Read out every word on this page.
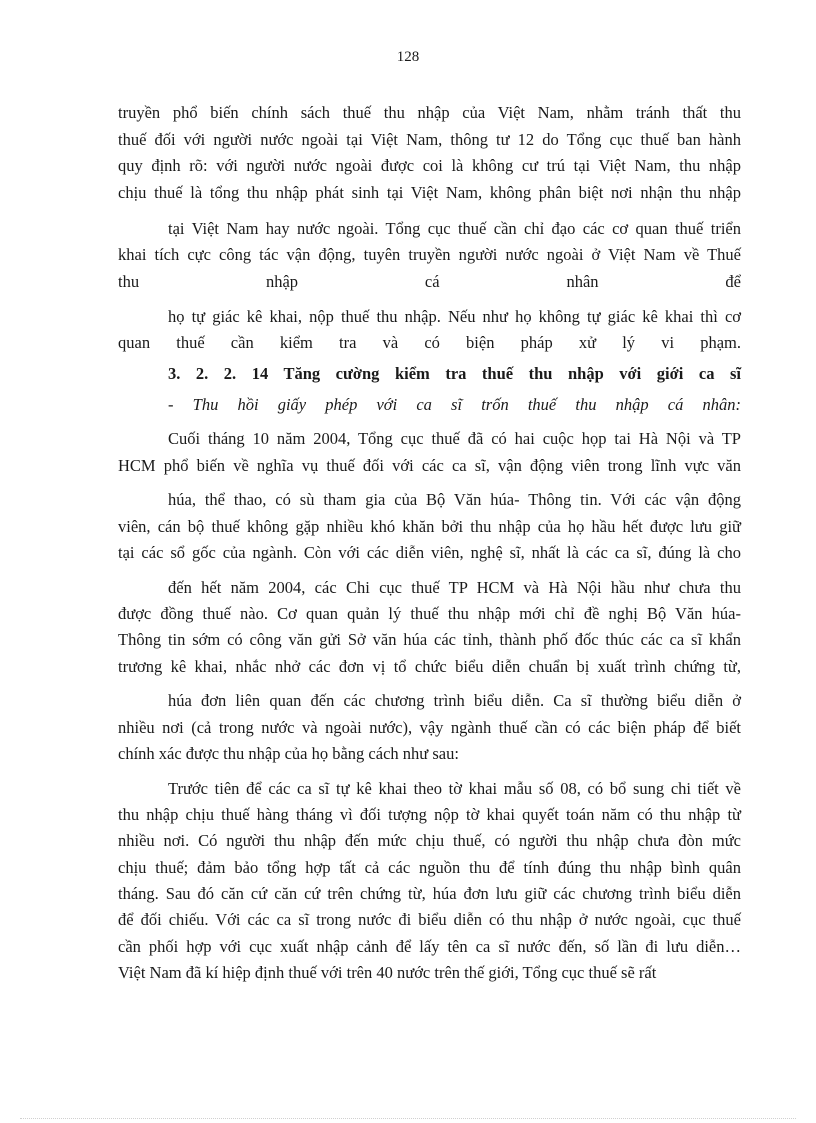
128
truyền phổ biến chính sách thuế thu nhập của Việt Nam, nhằm tránh thất thu
thuế đối với người nước ngoài tại Việt Nam, thông tư 12 do Tổng cục thuế ban hành
quy định rõ: với người nước ngoài được coi là không cư trú tại Việt Nam, thu nhập
chịu thuế là tổng thu nhập phát sinh tại Việt Nam, không phân biệt nơi nhận thu nhập
tại Việt Nam hay nước ngoài. Tổng cục thuế cần chỉ đạo các cơ quan thuế triển
khai tích cực công tác vận động, tuyên truyền người nước ngoài ở Việt Nam về Thuế
thu nhập cá nhân để
họ tự giác kê khai, nộp thuế thu nhập. Nếu như họ không tự giác kê khai thì cơ
quan thuế cần kiểm tra và có biện pháp xử lý vi phạm.
3. 2. 2. 14 Tăng cường kiểm tra thuế thu nhập với giới ca sĩ
- Thu hồi giấy phép với ca sĩ trốn thuế thu nhập cá nhân:
Cuối tháng 10 năm 2004, Tổng cục thuế đã có hai cuộc họp tai Hà Nội và TP
HCM phổ biến về nghĩa vụ thuế đối với các ca sĩ, vận động viên trong lĩnh vực văn
húa, thể thao, có sù tham gia của Bộ Văn húa- Thông tin. Với các vận động
viên, cán bộ thuế không gặp nhiều khó khăn bởi thu nhập của họ hầu hết được lưu giữ
tại các sổ gốc của ngành. Còn với các diễn viên, nghệ sĩ, nhất là các ca sĩ, đúng là cho
đến hết năm 2004, các Chi cục thuế TP HCM và Hà Nội hầu như chưa thu
được đồng thuế nào. Cơ quan quản lý thuế thu nhập mới chỉ đề nghị Bộ Văn húa-
Thông tin sớm có công văn gửi Sở văn húa các tỉnh, thành phố đốc thúc các ca sĩ khẩn
trương kê khai, nhắc nhở các đơn vị tổ chức biểu diễn chuẩn bị xuất trình chứng từ,
húa đơn liên quan đến các chương trình biểu diễn. Ca sĩ thường biểu diễn ở
nhiều nơi (cả trong nước và ngoài nước), vậy ngành thuế cần có các biện pháp để biết
chính xác được thu nhập của họ bằng cách như sau:
Trước tiên để các ca sĩ tự kê khai theo tờ khai mẫu số 08, có bổ sung chi tiết về
thu nhập chịu thuế hàng tháng vì đối tượng nộp tờ khai quyết toán năm có thu nhập từ
nhiều nơi. Có người thu nhập đến mức chịu thuế, có người thu nhập chưa đòn mức
chịu thuế; đảm bảo tổng hợp tất cả các nguồn thu để tính đúng thu nhập bình quân
tháng. Sau đó căn cứ căn cứ trên chứng từ, húa đơn lưu giữ các chương trình biểu diễn
để đối chiếu. Với các ca sĩ trong nước đi biểu diễn có thu nhập ở nước ngoài, cục thuế
cần phối hợp với cục xuất nhập cảnh để lấy tên ca sĩ nước đến, số lần đi lưu diễn…
Việt Nam đã kí hiệp định thuế với trên 40 nước trên thế giới, Tổng cục thuế sẽ rất
